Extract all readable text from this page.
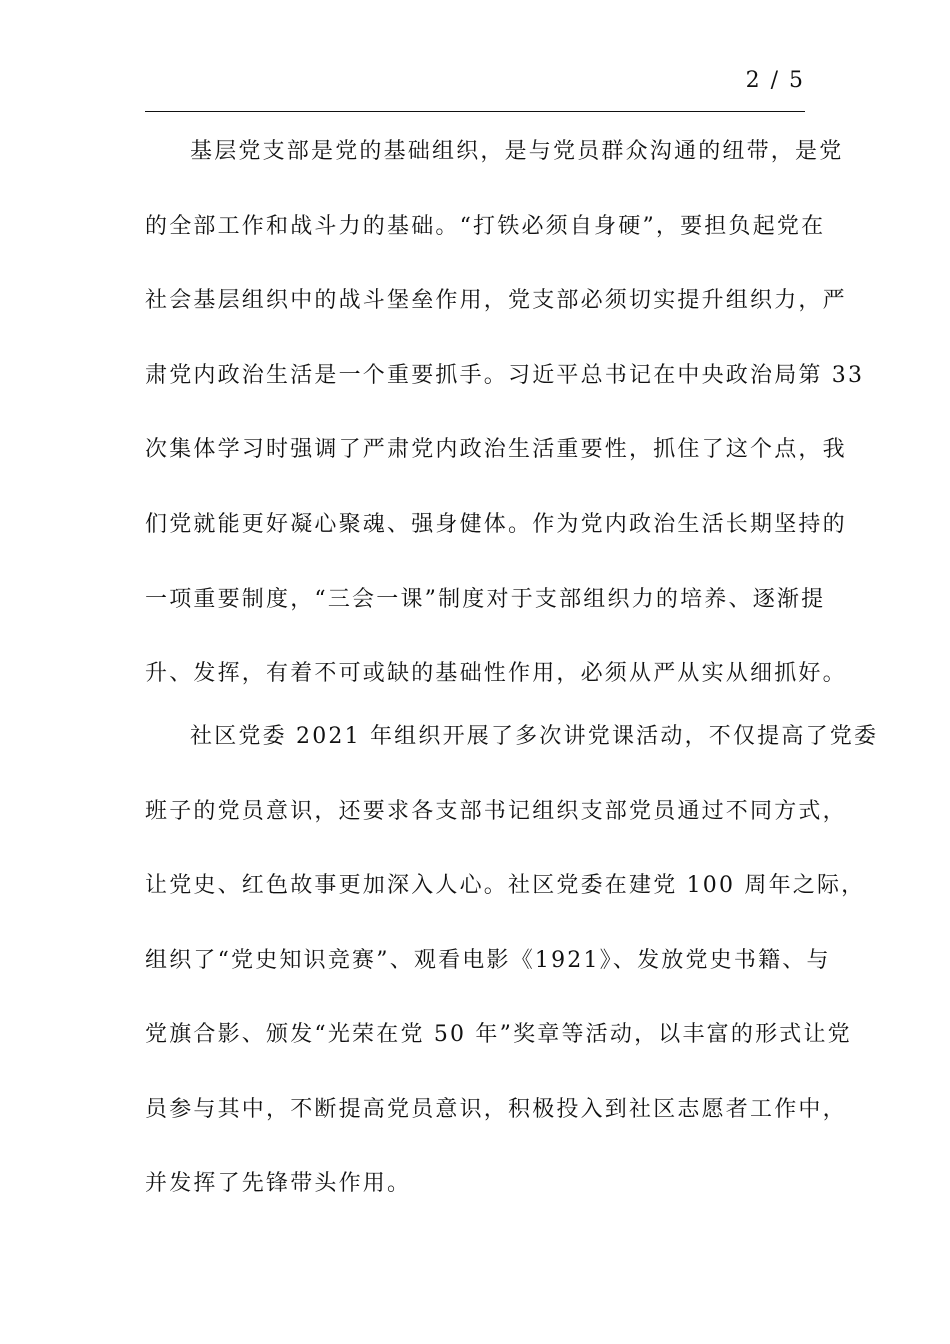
2 / 5
基层党支部是党的基础组织，是与党员群众沟通的纽带，是党
的全部工作和战斗力的基础。“打铁必须自身硬”，要担负起党在
社会基层组织中的战斗堡垒作用，党支部必须切实提升组织力，严
肃党内政治生活是一个重要抓手。习近平总书记在中央政治局第 33
次集体学习时强调了严肃党内政治生活重要性，抓住了这个点，我
们党就能更好凝心聚魂、强身健体。作为党内政治生活长期坚持的
一项重要制度，“三会一课”制度对于支部组织力的培养、逐渐提
升、发挥，有着不可或缺的基础性作用，必须从严从实从细抓好。
社区党委 2021 年组织开展了多次讲党课活动，不仅提高了党委
班子的党员意识，还要求各支部书记组织支部党员通过不同方式，
让党史、红色故事更加深入人心。社区党委在建党 100 周年之际，
组织了“党史知识竞赛”、观看电影《1921》、发放党史书籍、与
党旗合影、颁发“光荣在党 50 年”奖章等活动，以丰富的形式让党
员参与其中，不断提高党员意识，积极投入到社区志愿者工作中，
并发挥了先锋带头作用。
